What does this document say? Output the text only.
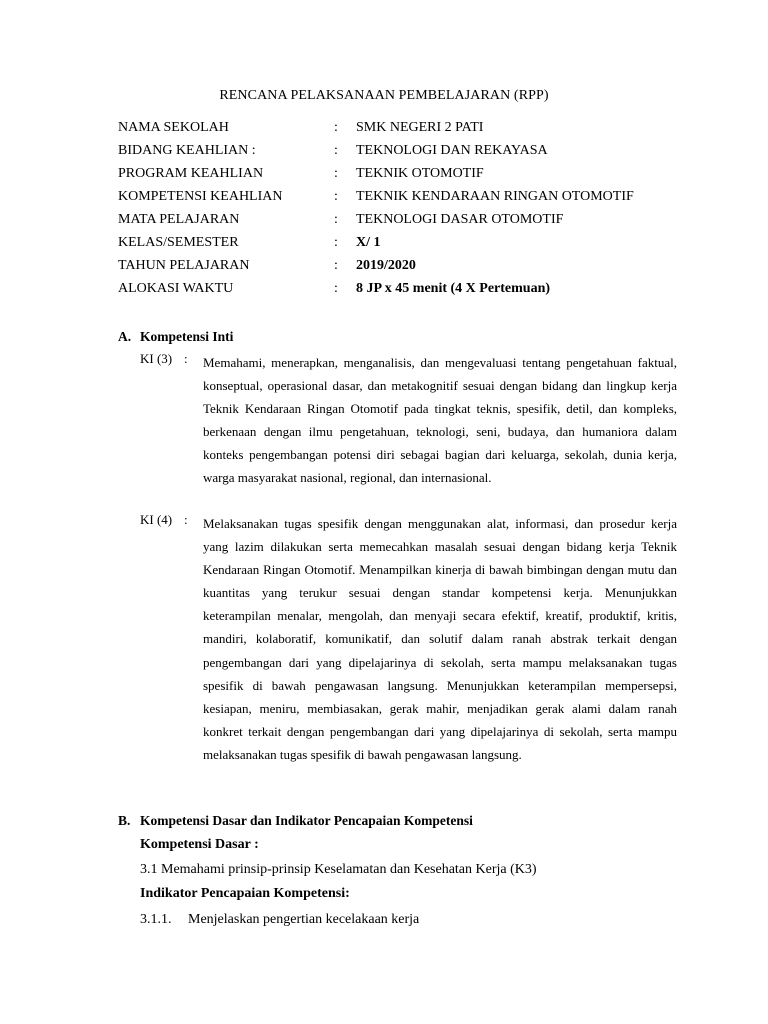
RENCANA PELAKSANAAN PEMBELAJARAN (RPP)
NAMA SEKOLAH	: SMK NEGERI 2 PATI
BIDANG KEAHLIAN :	: TEKNOLOGI DAN REKAYASA
PROGRAM KEAHLIAN	: TEKNIK OTOMOTIF
KOMPETENSI KEAHLIAN	: TEKNIK KENDARAAN RINGAN OTOMOTIF
MATA PELAJARAN	: TEKNOLOGI DASAR OTOMOTIF
KELAS/SEMESTER	: X/ 1
TAHUN PELAJARAN	: 2019/2020
ALOKASI WAKTU	: 8 JP x 45 menit (4 X Pertemuan)
A. Kompetensi Inti
KI (3) : Memahami, menerapkan, menganalisis, dan mengevaluasi tentang pengetahuan faktual, konseptual, operasional dasar, dan metakognitif sesuai dengan bidang dan lingkup kerja Teknik Kendaraan Ringan Otomotif pada tingkat teknis, spesifik, detil, dan kompleks, berkenaan dengan ilmu pengetahuan, teknologi, seni, budaya, dan humaniora dalam konteks pengembangan potensi diri sebagai bagian dari keluarga, sekolah, dunia kerja, warga masyarakat nasional, regional, dan internasional.
KI (4) : Melaksanakan tugas spesifik dengan menggunakan alat, informasi, dan prosedur kerja yang lazim dilakukan serta memecahkan masalah sesuai dengan bidang kerja Teknik Kendaraan Ringan Otomotif. Menampilkan kinerja di bawah bimbingan dengan mutu dan kuantitas yang terukur sesuai dengan standar kompetensi kerja. Menunjukkan keterampilan menalar, mengolah, dan menyaji secara efektif, kreatif, produktif, kritis, mandiri, kolaboratif, komunikatif, dan solutif dalam ranah abstrak terkait dengan pengembangan dari yang dipelajarinya di sekolah, serta mampu melaksanakan tugas spesifik di bawah pengawasan langsung. Menunjukkan keterampilan mempersepsi, kesiapan, meniru, membiasakan, gerak mahir, menjadikan gerak alami dalam ranah konkret terkait dengan pengembangan dari yang dipelajarinya di sekolah, serta mampu melaksanakan tugas spesifik di bawah pengawasan langsung.
B. Kompetensi Dasar dan Indikator Pencapaian Kompetensi
Kompetensi Dasar :
3.1 Memahami prinsip-prinsip Keselamatan dan Kesehatan Kerja (K3)
Indikator Pencapaian Kompetensi:
3.1.1. Menjelaskan pengertian kecelakaan kerja
